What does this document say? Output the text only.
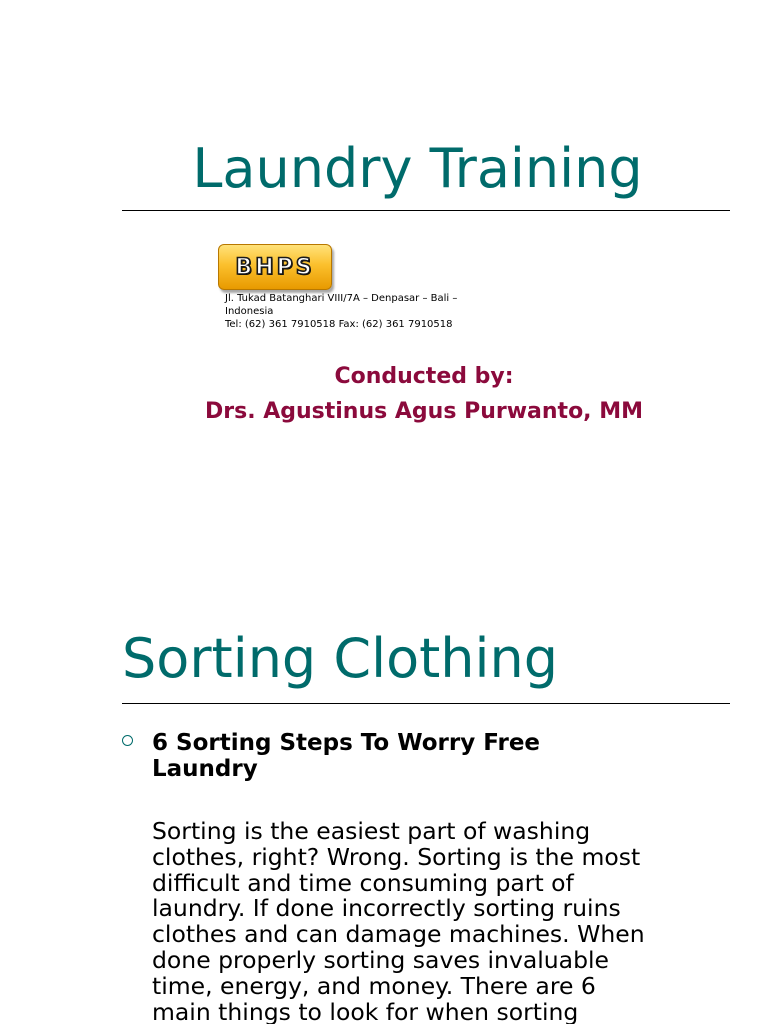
Laundry Training
BHPS
Jl. Tukad Batanghari VIII/7A – Denpasar – Bali –
Indonesia
Tel: (62) 361 7910518 Fax: (62) 361 7910518
Conducted by:
Drs. Agustinus Agus Purwanto, MM
Sorting Clothing
6 Sorting Steps To Worry Free
Laundry
Sorting is the easiest part of washing
clothes, right? Wrong. Sorting is the most
difficult and time consuming part of
laundry. If done incorrectly sorting ruins
clothes and can damage machines. When
done properly sorting saves invaluable
time, energy, and money. There are 6
main things to look for when sorting
